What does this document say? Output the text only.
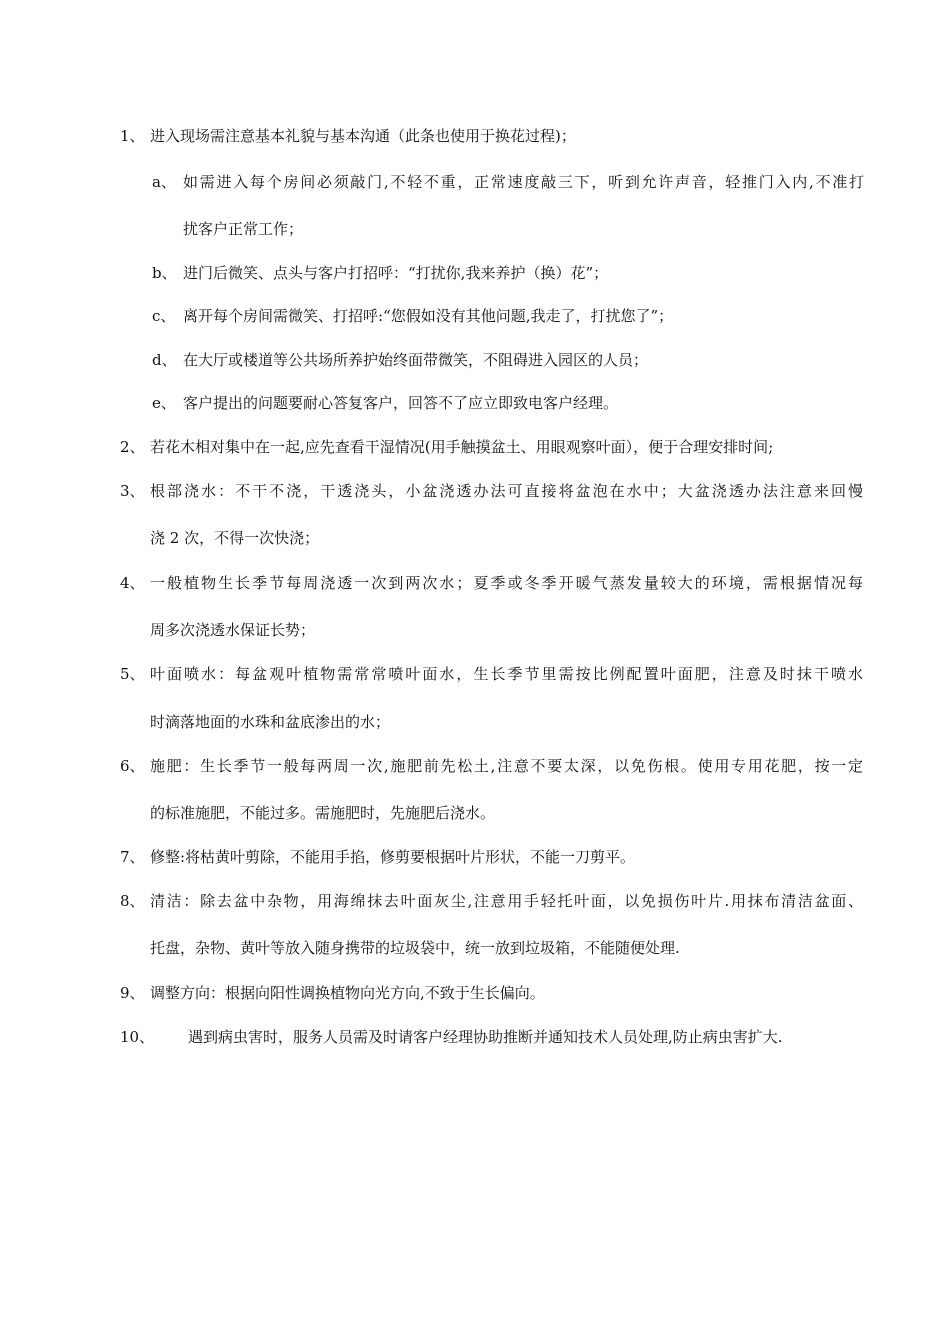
1、 进入现场需注意基本礼貌与基本沟通（此条也使用于换花过程)；
a、 如需进入每个房间必须敲门,不轻不重，正常速度敲三下，听到允许声音，轻推门入内,不准打
扰客户正常工作；
b、 进门后微笑、点头与客户打招呼：“打扰你,我来养护（换）花”；
c、 离开每个房间需微笑、打招呼:“您假如没有其他问题,我走了，打扰您了”；
d、 在大厅或楼道等公共场所养护始终面带微笑，不阻碍进入园区的人员；
e、 客户提出的问题要耐心答复客户，回答不了应立即致电客户经理。
2、 若花木相对集中在一起,应先查看干湿情况(用手触摸盆土、用眼观察叶面），便于合理安排时间;
3、 根部浇水：不干不浇，干透浇头，小盆浇透办法可直接将盆泡在水中；大盆浇透办法注意来回慢
浇 2 次，不得一次快浇；
4、 一般植物生长季节每周浇透一次到两次水；夏季或冬季开暖气蒸发量较大的环境，需根据情况每
周多次浇透水保证长势；
5、 叶面喷水：每盆观叶植物需常常喷叶面水，生长季节里需按比例配置叶面肥，注意及时抹干喷水
时滴落地面的水珠和盆底渗出的水；
6、 施肥：生长季节一般每两周一次,施肥前先松土,注意不要太深，以免伤根。使用专用花肥，按一定
的标准施肥，不能过多。需施肥时，先施肥后浇水。
7、 修整:将枯黄叶剪除，不能用手掐，修剪要根据叶片形状，不能一刀剪平。
8、 清洁：除去盆中杂物，用海绵抹去叶面灰尘,注意用手轻托叶面，以免损伤叶片.用抹布清洁盆面、
托盘，杂物、黄叶等放入随身携带的垃圾袋中，统一放到垃圾箱，不能随便处理.
9、 调整方向：根据向阳性调换植物向光方向,不致于生长偏向。
10、 遇到病虫害时，服务人员需及时请客户经理协助推断并通知技术人员处理,防止病虫害扩大.
